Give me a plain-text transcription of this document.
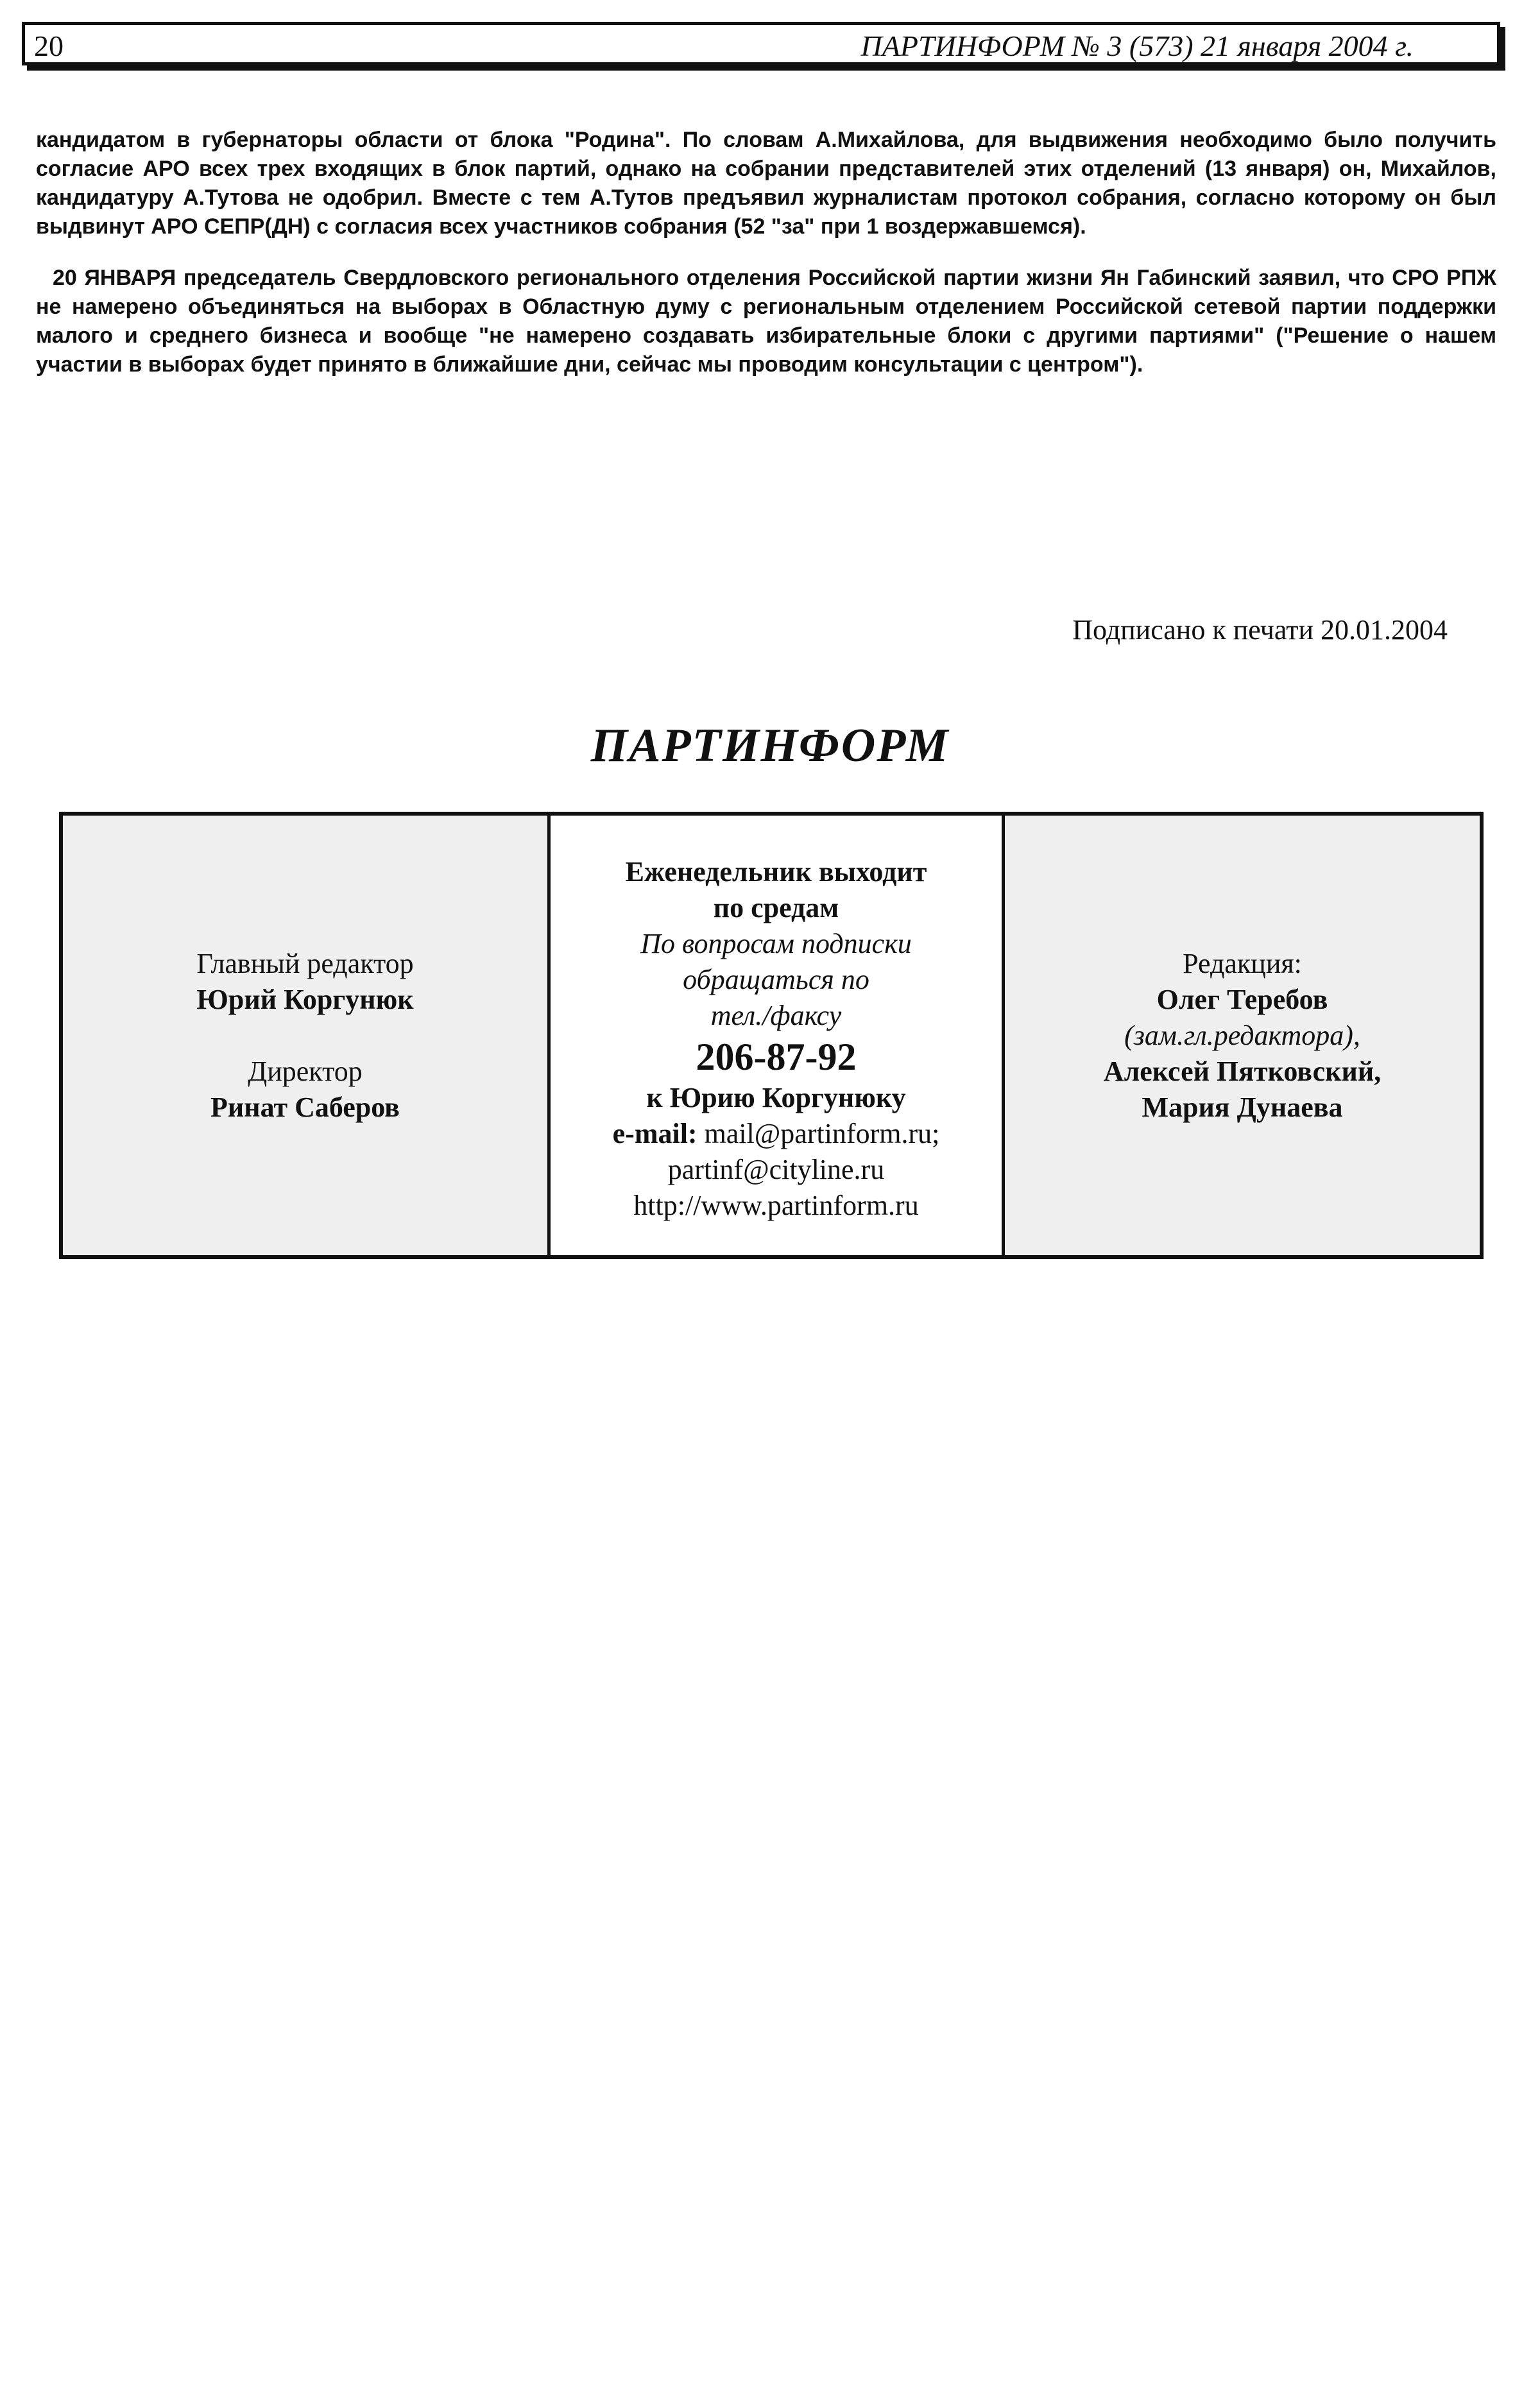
20	ПАРТИНФОРМ № 3 (573) 21 января 2004 г.

кандидатом в губернаторы области от блока "Родина". По словам А.Михайлова, для выдвижения необходимо было получить согласие АРО всех трех входящих в блок партий, однако на собрании представителей этих отделений (13 января) он, Михайлов, кандидатуру А.Тутова не одобрил. Вместе с тем А.Тутов предъявил журналистам протокол собрания, согласно которому он был выдвинут АРО СЕПР(ДН) с согласия всех участников собрания (52 "за" при 1 воздержавшемся).

20 ЯНВАРЯ председатель Свердловского регионального отделения Российской партии жизни Ян Габинский заявил, что СРО РПЖ не намерено объединяться на выборах в Областную думу с региональным отделением Российской сетевой партии поддержки малого и среднего бизнеса и вообще "не намерено создавать избирательные блоки с другими партиями" ("Решение о нашем участии в выборах будет принято в ближайшие дни, сейчас мы проводим консультации с центром").

Подписано к печати 20.01.2004
ПАРТИНФОРМ
Главный редактор
Юрий Коргунюк
Директор
Ринат Саберов
Еженедельник выходит
по средам
По вопросам подписки
обращаться по
тел./факсу
206-87-92
к Юрию Коргунюку
e-mail: mail@partinform.ru;
partinf@cityline.ru
http://www.partinform.ru
Редакция:
Олег Теребов
(зам.гл.редактора),
Алексей Пятковский,
Мария Дунаева
